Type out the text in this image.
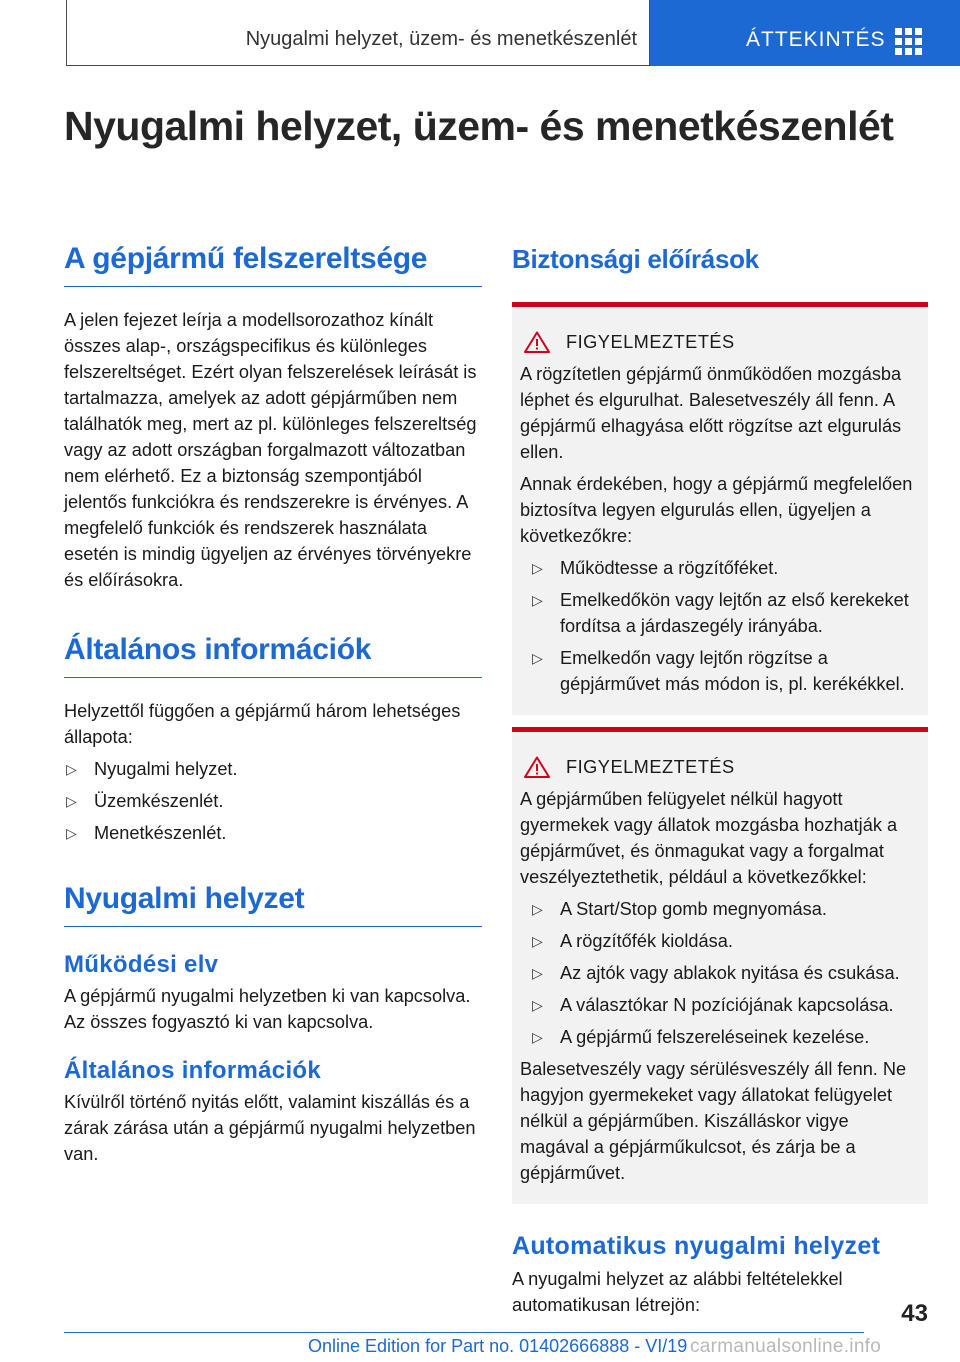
Nyugalmi helyzet, üzem- és menetkészenlét	ÁTTEKINTÉS
Nyugalmi helyzet, üzem- és menetkészenlét
A gépjármű felszereltsége

A jelen fejezet leírja a modellsorozathoz kínált összes alap-, országspecifikus és különleges felszereltséget. Ezért olyan felszerelések leírását is tartalmazza, amelyek az adott gépjárműben nem találhatók meg, mert az pl. különleges felszereltség vagy az adott országban forgalmazott változatban nem elérhető. Ez a biztonság szempontjából jelentős funkciókra és rendszerekre is érvényes. A megfelelő funkciók és rendszerek használata esetén is mindig ügyeljen az érvényes törvényekre és előírásokra.

Általános információk

Helyzettől függően a gépjármű három lehetséges állapota:

▷ Nyugalmi helyzet.
▷ Üzemkészenlét.
▷ Menetkészenlét.
Nyugalmi helyzet
Működési elv

A gépjármű nyugalmi helyzetben ki van kapcsolva. Az összes fogyasztó ki van kapcsolva.

Általános információk

Kívülről történő nyitás előtt, valamint kiszállás és a zárak zárása után a gépjármű nyugalmi helyzetben van.

Biztonsági előírások
FIGYELMEZTETÉS

A rögzítetlen gépjármű önműködően mozgásba léphet és elgurulhat. Balesetveszély áll fenn. A gépjármű elhagyása előtt rögzítse azt elgurulás ellen.

Annak érdekében, hogy a gépjármű megfelelően biztosítva legyen elgurulás ellen, ügyeljen a következőkre:

▷ Működtesse a rögzítőféket.
▷ Emelkedőkön vagy lejtőn az első kerekeket fordítsa a járdaszegély irányába.
▷ Emelkedőn vagy lejtőn rögzítse a gépjárművet más módon is, pl. kerékékkel.
FIGYELMEZTETÉS

A gépjárműben felügyelet nélkül hagyott gyermekek vagy állatok mozgásba hozhatják a gépjárművet, és önmagukat vagy a forgalmat veszélyeztethetik, például a következőkkel:

▷ A Start/Stop gomb megnyomása.
▷ A rögzítőfék kioldása.
▷ Az ajtók vagy ablakok nyitása és csukása.
▷ A választókar N pozíciójának kapcsolása.
▷ A gépjármű felszereléseinek kezelése.

Balesetveszély vagy sérülésveszély áll fenn. Ne hagyjon gyermekeket vagy állatokat felügyelet nélkül a gépjárműben. Kiszálláskor vigye magával a gépjárműkulcsot, és zárja be a gépjárművet.

Automatikus nyugalmi helyzet

A nyugalmi helyzet az alábbi feltételekkel automatikusan létrejön:	43
Online Edition for Part no. 01402666888 - VI/19 carmanualsonline.info
